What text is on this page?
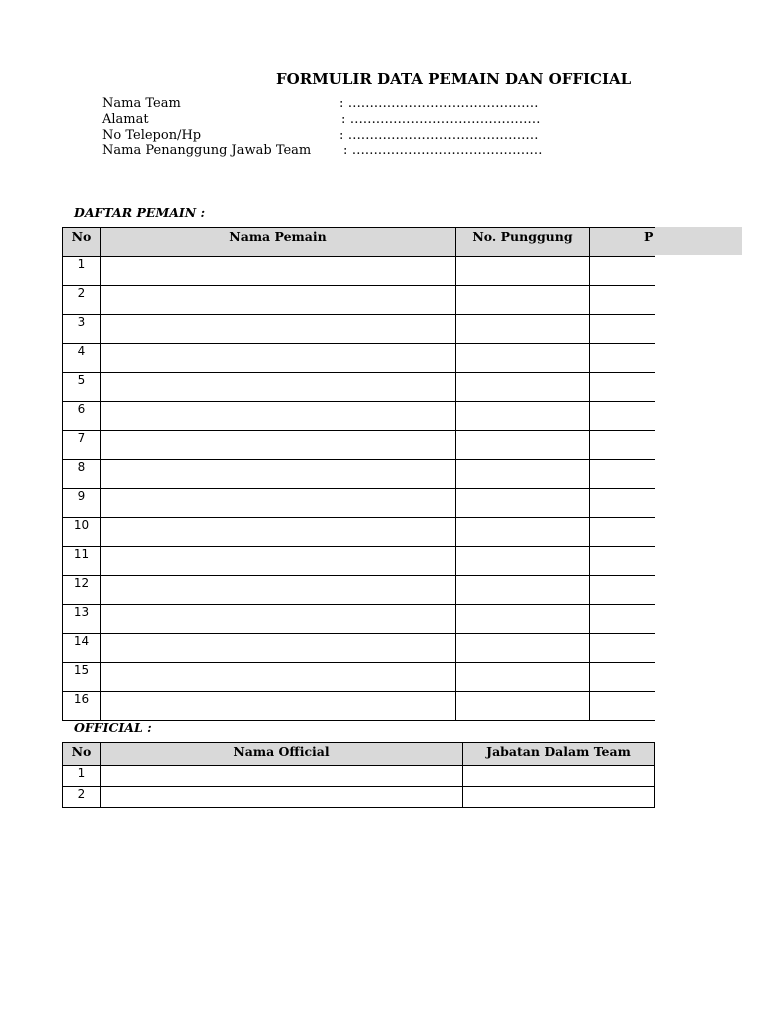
FORMULIR DATA PEMAIN DAN OFFICIAL
Nama Team	: ............................................
Alamat	: ............................................
No Telepon/Hp	: ............................................
Nama Penanggung Jawab Team : ............................................
DAFTAR PEMAIN :
No	Nama Pemain	No. Punggung	P
1			
2			
3			
4			
5			
6			
7			
8			
9			
10			
11			
12			
13			
14			
15			
16			
OFFICIAL :
No	Nama Official	Jabatan Dalam Team
1		
2		
